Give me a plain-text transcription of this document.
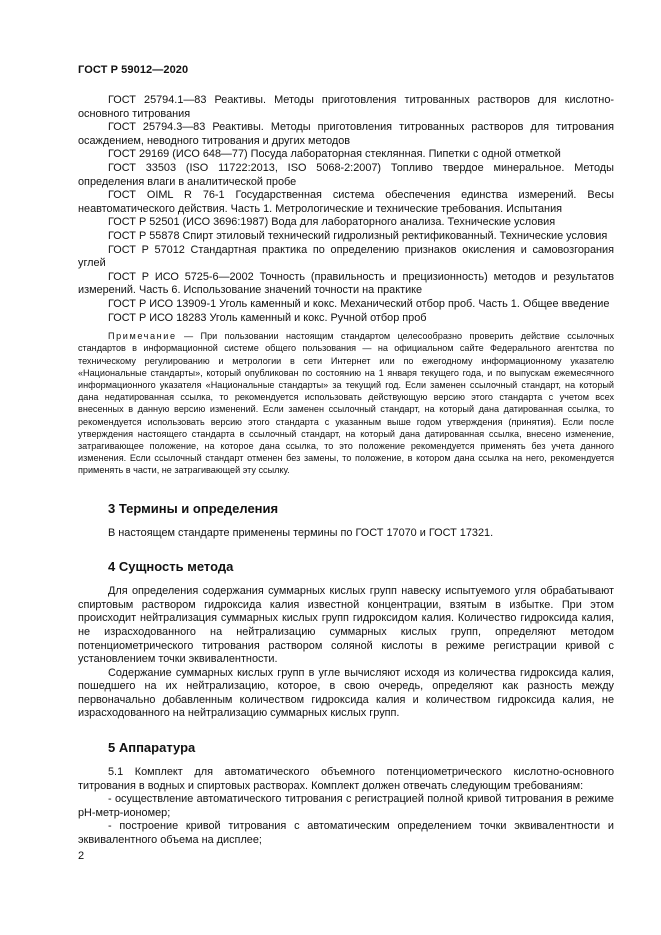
ГОСТ Р 59012—2020

ГОСТ 25794.1—83 Реактивы. Методы приготовления титрованных растворов для кислотно-основного титрования

ГОСТ 25794.3—83 Реактивы. Методы приготовления титрованных растворов для титрования осаждением, неводного титрования и других методов

ГОСТ 29169 (ИСО 648—77) Посуда лабораторная стеклянная. Пипетки с одной отметкой

ГОСТ 33503 (ISO 11722:2013, ISO 5068-2:2007) Топливо твердое минеральное. Методы определения влаги в аналитической пробе

ГОСТ OIML R 76-1 Государственная система обеспечения единства измерений. Весы неавтоматического действия. Часть 1. Метрологические и технические требования. Испытания

ГОСТ Р 52501 (ИСО 3696:1987) Вода для лабораторного анализа. Технические условия

ГОСТ Р 55878 Спирт этиловый технический гидролизный ректификованный. Технические условия

ГОСТ Р 57012 Стандартная практика по определению признаков окисления и самовозгорания углей

ГОСТ Р ИСО 5725-6—2002 Точность (правильность и прецизионность) методов и результатов измерений. Часть 6. Использование значений точности на практике

ГОСТ Р ИСО 13909-1 Уголь каменный и кокс. Механический отбор проб. Часть 1. Общее введение

ГОСТ Р ИСО 18283 Уголь каменный и кокс. Ручной отбор проб

Примечание — При пользовании настоящим стандартом целесообразно проверить действие ссылочных стандартов в информационной системе общего пользования — на официальном сайте Федерального агентства по техническому регулированию и метрологии в сети Интернет или по ежегодному информационному указателю «Национальные стандарты», который опубликован по состоянию на 1 января текущего года, и по выпускам ежемесячного информационного указателя «Национальные стандарты» за текущий год. Если заменен ссылочный стандарт, на который дана недатированная ссылка, то рекомендуется использовать действующую версию этого стандарта с учетом всех внесенных в данную версию изменений. Если заменен ссылочный стандарт, на который дана датированная ссылка, то рекомендуется использовать версию этого стандарта с указанным выше годом утверждения (принятия). Если после утверждения настоящего стандарта в ссылочный стандарт, на который дана датированная ссылка, внесено изменение, затрагивающее положение, на которое дана ссылка, то это положение рекомендуется применять без учета данного изменения. Если ссылочный стандарт отменен без замены, то положение, в котором дана ссылка на него, рекомендуется применять в части, не затрагивающей эту ссылку.

3 Термины и определения

В настоящем стандарте применены термины по ГОСТ 17070 и ГОСТ 17321.

4 Сущность метода

Для определения содержания суммарных кислых групп навеску испытуемого угля обрабатывают спиртовым раствором гидроксида калия известной концентрации, взятым в избытке. При этом происходит нейтрализация суммарных кислых групп гидроксидом калия. Количество гидроксида калия, не израсходованного на нейтрализацию суммарных кислых групп, определяют методом потенциометрического титрования раствором соляной кислоты в режиме регистрации кривой с установлением точки эквивалентности.

Содержание суммарных кислых групп в угле вычисляют исходя из количества гидроксида калия, пошедшего на их нейтрализацию, которое, в свою очередь, определяют как разность между первоначально добавленным количеством гидроксида калия и количеством гидроксида калия, не израсходованного на нейтрализацию суммарных кислых групп.

5 Аппаратура

5.1 Комплект для автоматического объемного потенциометрического кислотно-основного титрования в водных и спиртовых растворах. Комплект должен отвечать следующим требованиям:

- осуществление автоматического титрования с регистрацией полной кривой титрования в режиме pH-метр-иономер;

- построение кривой титрования с автоматическим определением точки эквивалентности и эквивалентного объема на дисплее;

2
